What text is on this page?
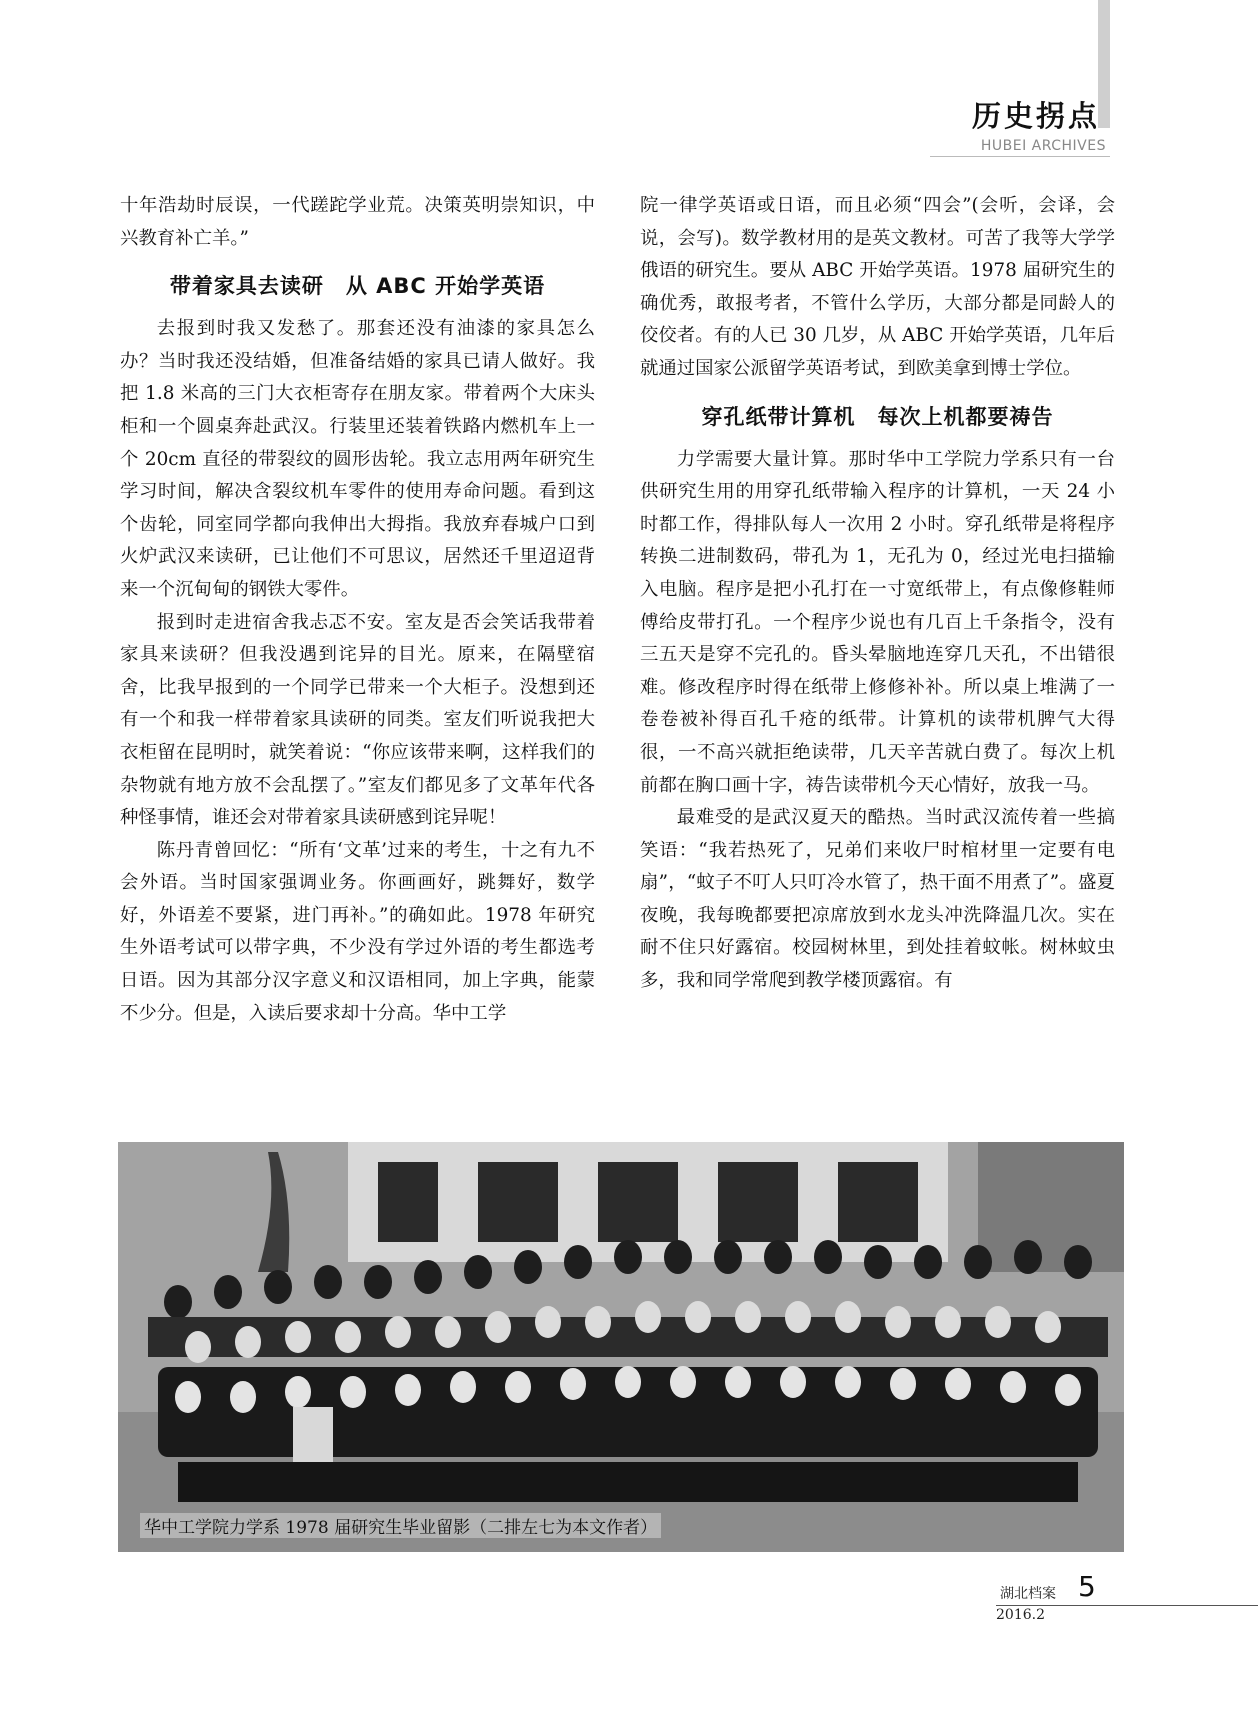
历史拐点
HUBEI ARCHIVES

十年浩劫时辰误，一代蹉跎学业荒。决策英明崇知识，中兴教育补亡羊。”

带着家具去读研　从 ABC 开始学英语

去报到时我又发愁了。那套还没有油漆的家具怎么办？当时我还没结婚，但准备结婚的家具已请人做好。我把 1.8 米高的三门大衣柜寄存在朋友家。带着两个大床头柜和一个圆桌奔赴武汉。行装里还装着铁路内燃机车上一个 20cm 直径的带裂纹的圆形齿轮。我立志用两年研究生学习时间，解决含裂纹机车零件的使用寿命问题。看到这个齿轮，同室同学都向我伸出大拇指。我放弃春城户口到火炉武汉来读研，已让他们不可思议，居然还千里迢迢背来一个沉甸甸的钢铁大零件。

报到时走进宿舍我忐忑不安。室友是否会笑话我带着家具来读研？但我没遇到诧异的目光。原来，在隔壁宿舍，比我早报到的一个同学已带来一个大柜子。没想到还有一个和我一样带着家具读研的同类。室友们听说我把大衣柜留在昆明时，就笑着说：“你应该带来啊，这样我们的杂物就有地方放不会乱摆了。”室友们都见多了文革年代各种怪事情，谁还会对带着家具读研感到诧异呢！

陈丹青曾回忆：“所有‘文革’过来的考生，十之有九不会外语。当时国家强调业务。你画画好，跳舞好，数学好，外语差不要紧，进门再补。”的确如此。1978 年研究生外语考试可以带字典，不少没有学过外语的考生都选考日语。因为其部分汉字意义和汉语相同，加上字典，能蒙不少分。但是，入读后要求却十分高。华中工学

院一律学英语或日语，而且必须“四会”(会听，会译，会说，会写)。数学教材用的是英文教材。可苦了我等大学学俄语的研究生。要从 ABC 开始学英语。1978 届研究生的确优秀，敢报考者，不管什么学历，大部分都是同龄人的佼佼者。有的人已 30 几岁，从 ABC 开始学英语，几年后就通过国家公派留学英语考试，到欧美拿到博士学位。

穿孔纸带计算机　每次上机都要祷告

力学需要大量计算。那时华中工学院力学系只有一台供研究生用的用穿孔纸带输入程序的计算机，一天 24 小时都工作，得排队每人一次用 2 小时。穿孔纸带是将程序转换二进制数码，带孔为 1，无孔为 0，经过光电扫描输入电脑。程序是把小孔打在一寸宽纸带上，有点像修鞋师傅给皮带打孔。一个程序少说也有几百上千条指令，没有三五天是穿不完孔的。昏头晕脑地连穿几天孔，不出错很难。修改程序时得在纸带上修修补补。所以桌上堆满了一卷卷被补得百孔千疮的纸带。计算机的读带机脾气大得很，一不高兴就拒绝读带，几天辛苦就白费了。每次上机前都在胸口画十字，祷告读带机今天心情好，放我一马。

最难受的是武汉夏天的酷热。当时武汉流传着一些搞笑语：“我若热死了，兄弟们来收尸时棺材里一定要有电扇”，“蚊子不叮人只叮冷水管了，热干面不用煮了”。盛夏夜晚，我每晚都要把凉席放到水龙头冲洗降温几次。实在耐不住只好露宿。校园树林里，到处挂着蚊帐。树林蚊虫多，我和同学常爬到教学楼顶露宿。有

华中工学院力学系 1978 届研究生毕业留影（二排左七为本文作者）
湖北档案 5
2016.2
